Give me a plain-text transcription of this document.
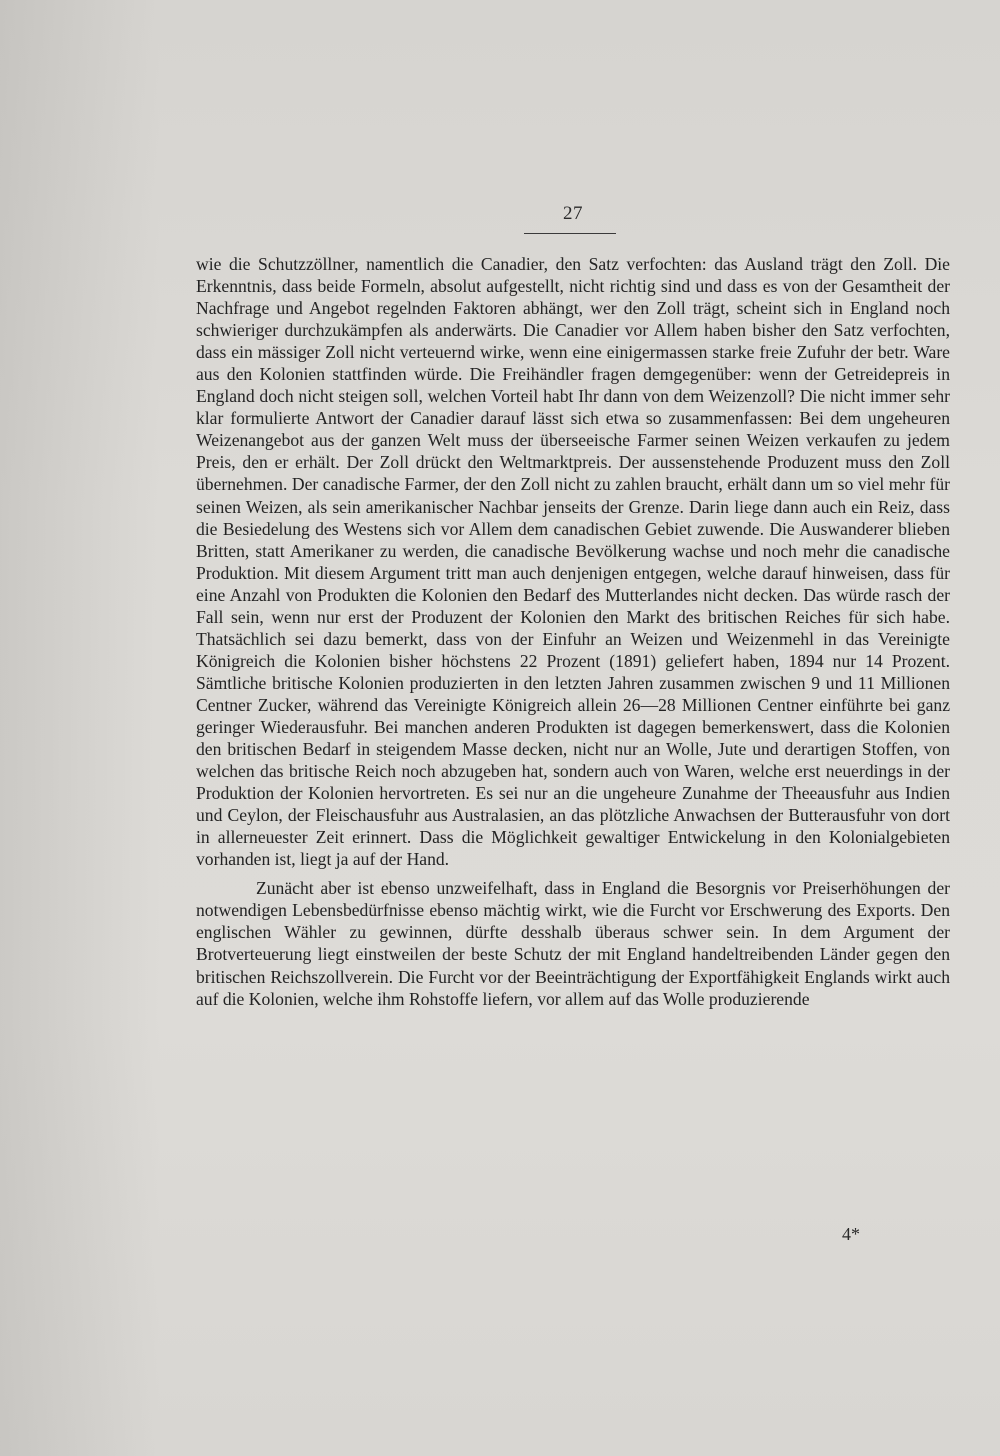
27

wie die Schutzzöllner, namentlich die Canadier, den Satz verfochten: das Ausland trägt den Zoll. Die Erkenntnis, dass beide Formeln, absolut aufgestellt, nicht richtig sind und dass es von der Gesamtheit der Nachfrage und Angebot regelnden Faktoren abhängt, wer den Zoll trägt, scheint sich in England noch schwieriger durchzukämpfen als anderwärts. Die Canadier vor Allem haben bisher den Satz verfochten, dass ein mässiger Zoll nicht verteuernd wirke, wenn eine einigermassen starke freie Zufuhr der betr. Ware aus den Kolonien stattfinden würde. Die Freihändler fragen demgegenüber: wenn der Getreidepreis in England doch nicht steigen soll, welchen Vorteil habt Ihr dann von dem Weizenzoll? Die nicht immer sehr klar formulierte Antwort der Canadier darauf lässt sich etwa so zusammenfassen: Bei dem ungeheuren Weizenangebot aus der ganzen Welt muss der überseeische Farmer seinen Weizen verkaufen zu jedem Preis, den er erhält. Der Zoll drückt den Weltmarktpreis. Der aussenstehende Produzent muss den Zoll übernehmen. Der canadische Farmer, der den Zoll nicht zu zahlen braucht, erhält dann um so viel mehr für seinen Weizen, als sein amerikanischer Nachbar jenseits der Grenze. Darin liege dann auch ein Reiz, dass die Besiedelung des Westens sich vor Allem dem canadischen Gebiet zuwende. Die Auswanderer blieben Britten, statt Amerikaner zu werden, die canadische Bevölkerung wachse und noch mehr die canadische Produktion. Mit diesem Argument tritt man auch denjenigen entgegen, welche darauf hinweisen, dass für eine Anzahl von Produkten die Kolonien den Bedarf des Mutterlandes nicht decken. Das würde rasch der Fall sein, wenn nur erst der Produzent der Kolonien den Markt des britischen Reiches für sich habe. Thatsächlich sei dazu bemerkt, dass von der Einfuhr an Weizen und Weizenmehl in das Vereinigte Königreich die Kolonien bisher höchstens 22 Prozent (1891) geliefert haben, 1894 nur 14 Prozent. Sämtliche britische Kolonien produzierten in den letzten Jahren zusammen zwischen 9 und 11 Millionen Centner Zucker, während das Vereinigte Königreich allein 26—28 Millionen Centner einführte bei ganz geringer Wiederausfuhr. Bei manchen anderen Produkten ist dagegen bemerkenswert, dass die Kolonien den britischen Bedarf in steigendem Masse decken, nicht nur an Wolle, Jute und derartigen Stoffen, von welchen das britische Reich noch abzugeben hat, sondern auch von Waren, welche erst neuerdings in der Produktion der Kolonien hervortreten. Es sei nur an die ungeheure Zunahme der Theeausfuhr aus Indien und Ceylon, der Fleischausfuhr aus Australasien, an das plötzliche Anwachsen der Butterausfuhr von dort in allerneuester Zeit erinnert. Dass die Möglichkeit gewaltiger Entwickelung in den Kolonialgebieten vorhanden ist, liegt ja auf der Hand.

Zunächt aber ist ebenso unzweifelhaft, dass in England die Besorgnis vor Preiserhöhungen der notwendigen Lebensbedürfnisse ebenso mächtig wirkt, wie die Furcht vor Erschwerung des Exports. Den englischen Wähler zu gewinnen, dürfte desshalb überaus schwer sein. In dem Argument der Brotverteuerung liegt einstweilen der beste Schutz der mit England handeltreibenden Länder gegen den britischen Reichszollverein. Die Furcht vor der Beeinträchtigung der Exportfähigkeit Englands wirkt auch auf die Kolonien, welche ihm Rohstoffe liefern, vor allem auf das Wolle produzierende

4*
